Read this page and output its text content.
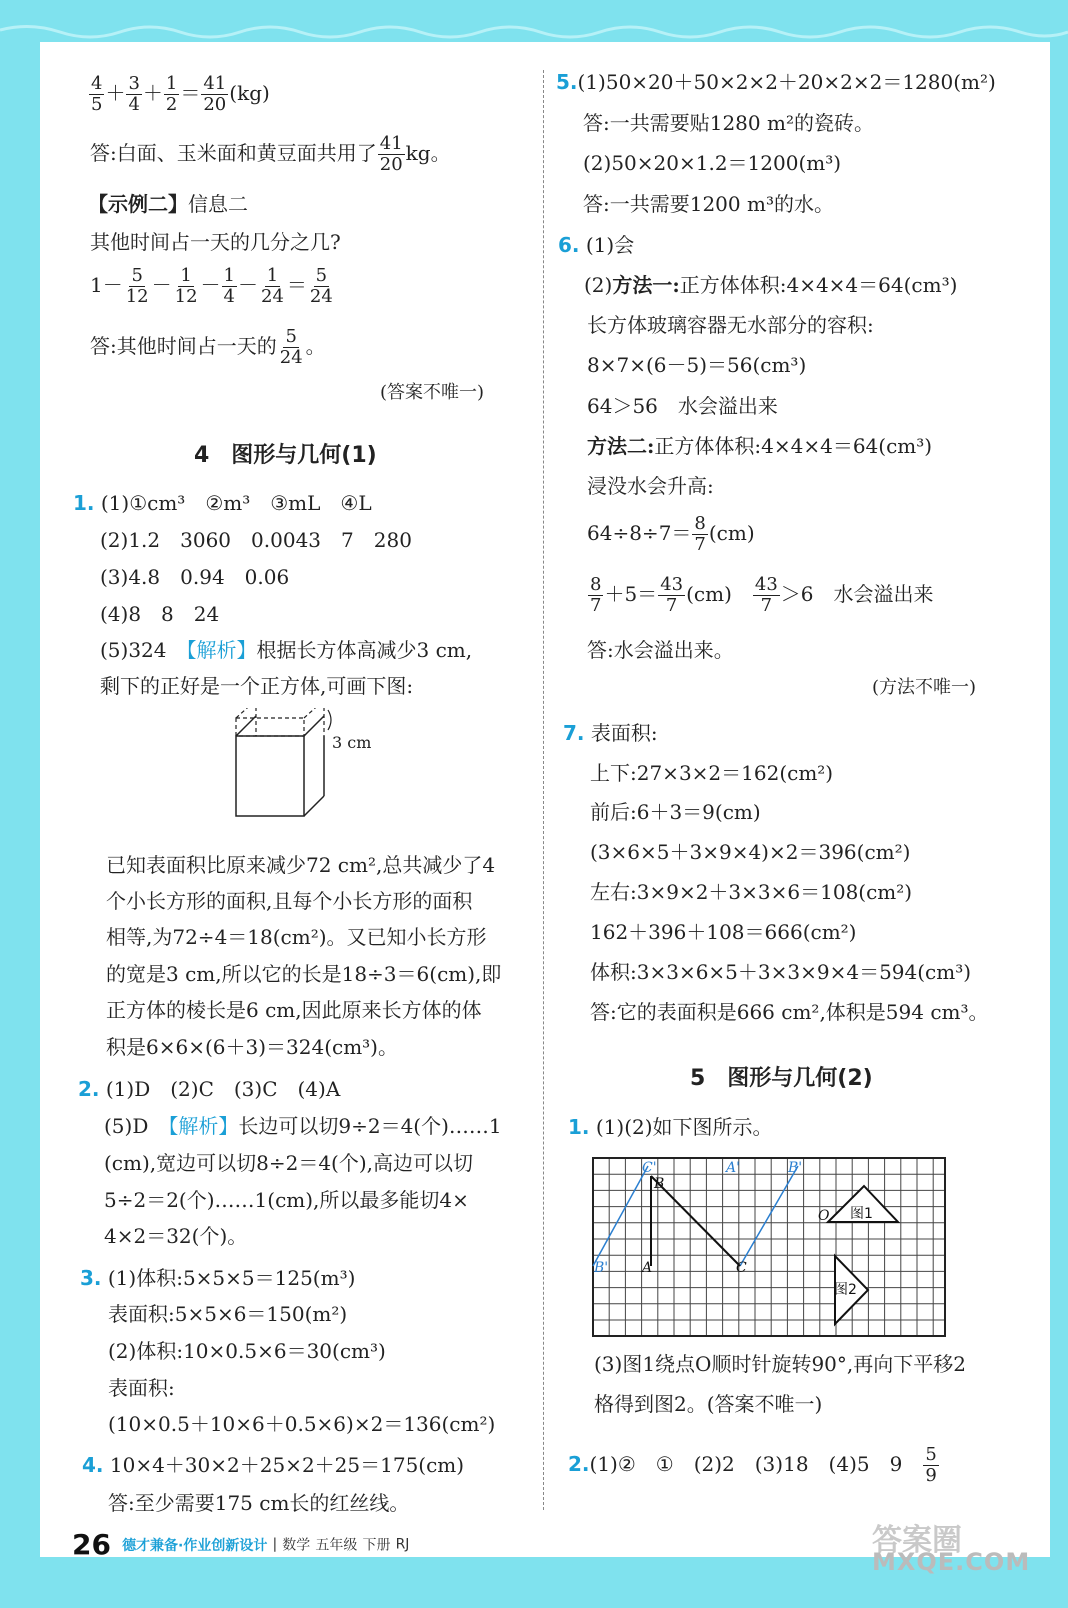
$\frac{4}{5} + \frac{3}{4} + \frac{1}{2} = \frac{41}{20} (kg)$
答:白面、玉米面和黄豆面共用了 $\frac{41}{20}$ kg。
【示例二】信息二
其他时间占一天的几分之几?
$1- \frac{5}{12} - \frac{1}{12} - \frac{1}{4} - \frac{1}{24} = \frac{5}{24}$
答:其他时间占一天的 $\frac{5}{24}$ 。
(答案不唯一)
4　图形与几何(1)
1. (1)①cm³　②m³　③mL　④L
(2)1.2　3060　0.0043　7　280
(3)4.8　0.94　0.06
(4)8　8　24
(5)324　【解析】根据长方体高减少3 cm,
剩下的正好是一个正方体,可画下图:
3 cm
已知表面积比原来减少72 cm²,总共减少了4
个小长方形的面积,且每个小长方形的面积
相等,为72÷4＝18(cm²)。又已知小长方形
的宽是3 cm,所以它的长是18÷3＝6(cm),即
正方体的棱长是6 cm,因此原来长方体的体
积是6×6×(6＋3)＝324(cm³)。
2. (1)D　(2)C　(3)C　(4)A
(5)D　【解析】长边可以切9÷2＝4(个)……1
(cm),宽边可以切8÷2＝4(个),高边可以切
5÷2＝2(个)……1(cm),所以最多能切4×
4×2＝32(个)。
3. (1)体积:5×5×5＝125(m³)
表面积:5×5×6＝150(m²)
(2)体积:10×0.5×6＝30(cm³)
表面积:
(10×0.5＋10×6＋0.5×6)×2＝136(cm²)
4. 10×4＋30×2＋25×2＋25＝175(cm)
答:至少需要175 cm长的红丝线。
5.(1)50×20＋50×2×2＋20×2×2＝1280(m²)
答:一共需要贴1280 m²的瓷砖。
(2)50×20×1.2＝1200(m³)
答:一共需要1200 m³的水。
6. (1)会
(2)方法一:正方体体积:4×4×4＝64(cm³)
长方体玻璃容器无水部分的容积:
8×7×(6－5)＝56(cm³)
64＞56　水会溢出来
方法二:正方体体积:4×4×4＝64(cm³)
浸没水会升高:
$64\div 8\div 7= \frac{8}{7} (cm)$
$\frac{8}{7} +5= \frac{43}{7} (cm)$　 $\frac{43}{7} >6$　水会溢出来
答:水会溢出来。
(方法不唯一)
7. 表面积:
上下:27×3×2＝162(cm²)
前后:6＋3＝9(cm)
(3×6×5＋3×9×4)×2＝396(cm²)
左右:3×9×2＋3×3×6＝108(cm²)
162＋396＋108＝666(cm²)
体积:3×3×6×5＋3×3×9×4＝594(cm³)
答:它的表面积是666 cm²,体积是594 cm³。
5　图形与几何(2)
1. (1)(2)如下图所示。
C'	A'	B'
B
A	C
B'
O 图1
图2
(3)图1绕点O顺时针旋转90°,再向下平移2
格得到图2。(答案不唯一)
2.(1)②　①　(2)2　(3)18　(4)5　9　 $\frac{5}{9}$
26 德才兼备·作业创新设计 | 数学 五年级 下册 RJ	答案圈
MXQE.COM
